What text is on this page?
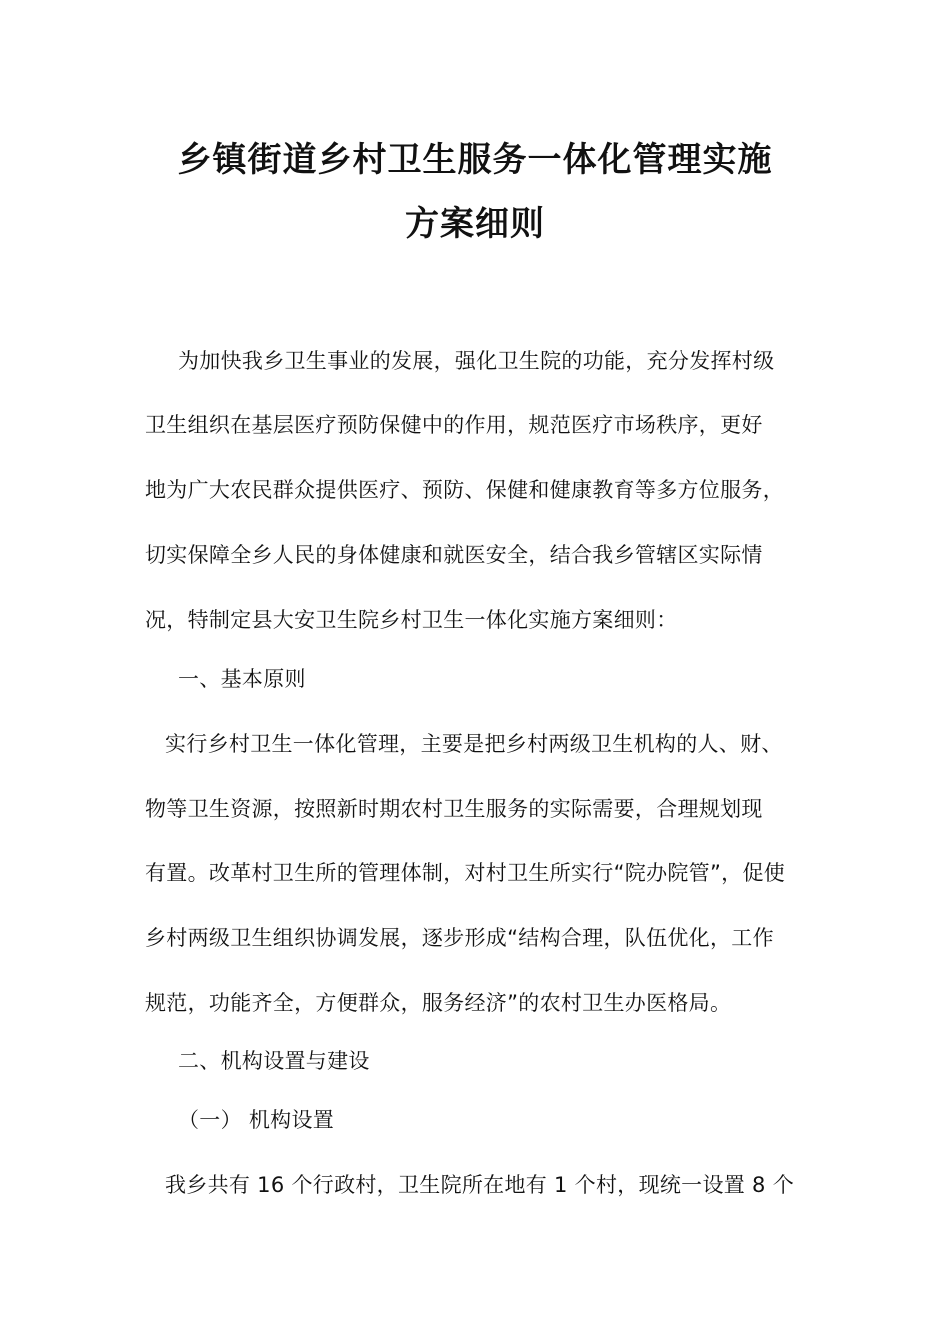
乡镇街道乡村卫生服务一体化管理实施
方案细则
为加快我乡卫生事业的发展，强化卫生院的功能，充分发挥村级
卫生组织在基层医疗预防保健中的作用，规范医疗市场秩序，更好
地为广大农民群众提供医疗、预防、保健和健康教育等多方位服务，
切实保障全乡人民的身体健康和就医安全，结合我乡管辖区实际情
况，特制定县大安卫生院乡村卫生一体化实施方案细则：
一、基本原则
实行乡村卫生一体化管理，主要是把乡村两级卫生机构的人、财、
物等卫生资源，按照新时期农村卫生服务的实际需要，合理规划现
有置。改革村卫生所的管理体制，对村卫生所实行“院办院管”，促使
乡村两级卫生组织协调发展，逐步形成“结构合理，队伍优化，工作
规范，功能齐全，方便群众，服务经济”的农村卫生办医格局。
二、机构设置与建设
（一） 机构设置
我乡共有 16 个行政村，卫生院所在地有 1 个村，现统一设置 8 个
